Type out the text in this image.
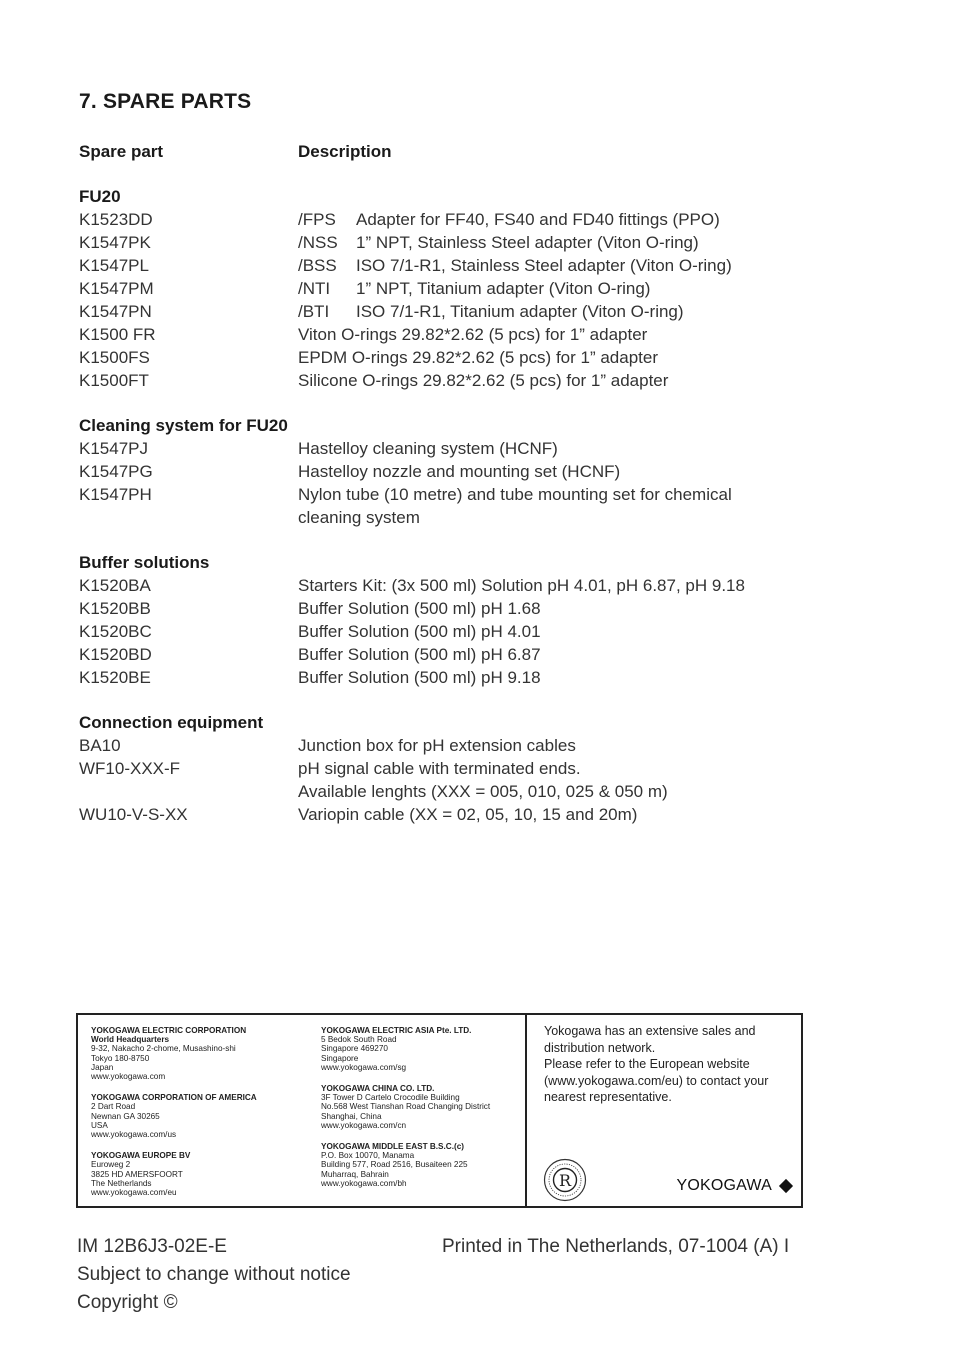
7. SPARE PARTS
Spare part	Description
FU20
K1523DD	/FPS	Adapter for FF40, FS40 and FD40 fittings (PPO)
K1547PK	/NSS	1” NPT, Stainless Steel adapter (Viton O-ring)
K1547PL	/BSS	ISO 7/1-R1, Stainless Steel adapter (Viton O-ring)
K1547PM	/NTI	1” NPT, Titanium adapter (Viton O-ring)
K1547PN	/BTI	ISO 7/1-R1, Titanium adapter (Viton O-ring)
K1500 FR	Viton O-rings 29.82*2.62 (5 pcs) for 1” adapter
K1500FS	EPDM O-rings 29.82*2.62 (5 pcs) for 1” adapter
K1500FT	Silicone O-rings 29.82*2.62 (5 pcs) for 1” adapter
Cleaning system for FU20
K1547PJ	Hastelloy cleaning system (HCNF)
K1547PG	Hastelloy nozzle and mounting set (HCNF)
K1547PH	Nylon tube (10 metre) and tube mounting set for chemical
cleaning system
Buffer solutions
K1520BA	Starters Kit: (3x 500 ml) Solution pH 4.01, pH 6.87, pH 9.18
K1520BB	Buffer Solution (500 ml) pH 1.68
K1520BC	Buffer Solution (500 ml) pH 4.01
K1520BD	Buffer Solution (500 ml) pH 6.87
K1520BE	Buffer Solution (500 ml) pH 9.18
Connection equipment
BA10	Junction box for pH extension cables
WF10-XXX-F	pH signal cable with terminated ends.
Available lenghts (XXX = 005, 010, 025 & 050 m)
WU10-V-S-XX	Variopin cable (XX = 02, 05, 10, 15 and 20m)
YOKOGAWA ELECTRIC CORPORATION
World Headquarters
9-32, Nakacho 2-chome, Musashino-shi
Tokyo 180-8750
Japan
www.yokogawa.com
YOKOGAWA CORPORATION OF AMERICA
2 Dart Road
Newnan GA 30265
USA
www.yokogawa.com/us
YOKOGAWA EUROPE BV
Euroweg 2
3825 HD AMERSFOORT
The Netherlands
www.yokogawa.com/eu
YOKOGAWA ELECTRIC ASIA Pte. LTD.
5 Bedok South Road
Singapore 469270
Singapore
www.yokogawa.com/sg
YOKOGAWA CHINA CO. LTD.
3F Tower D Cartelo Crocodile Building
No.568 West Tianshan Road Changing District
Shanghai, China
www.yokogawa.com/cn
YOKOGAWA MIDDLE EAST B.S.C.(c)
P.O. Box 10070, Manama
Building 577, Road 2516, Busaiteen 225
Muharraq, Bahrain
www.yokogawa.com/bh
Yokogawa has an extensive sales and
distribution network.
Please refer to the European website
(www.yokogawa.com/eu) to contact your
nearest representative.
R	YOKOGAWA
IM 12B6J3-02E-E	Printed in The Netherlands, 07-1004 (A) I
Subject to change without notice
Copyright ©
